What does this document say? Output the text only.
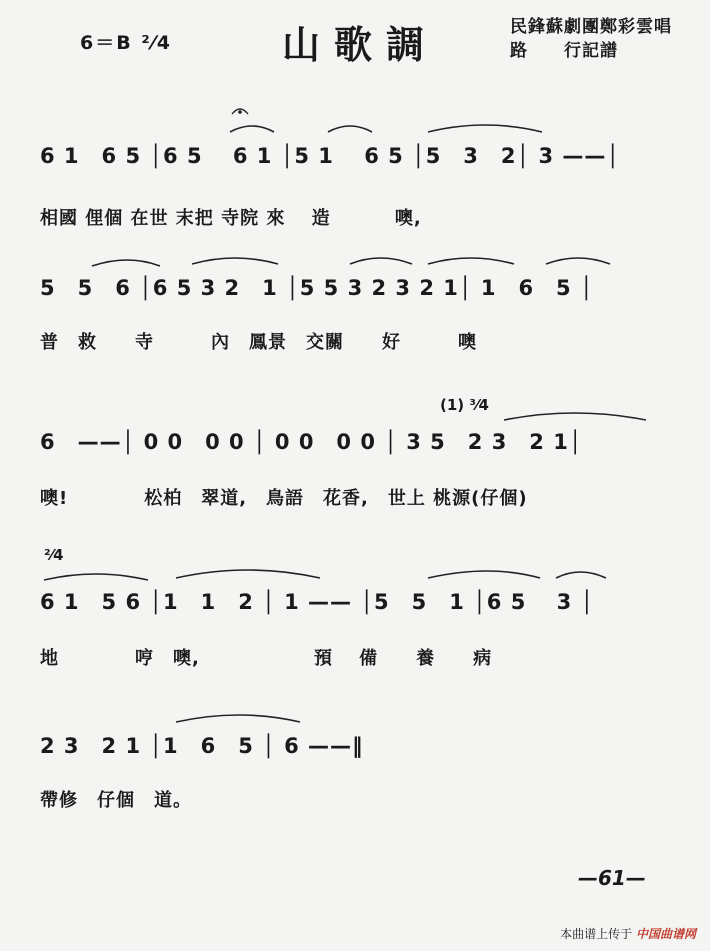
6＝B ²⁄4	山歌調	民鋒蘇劇團鄭彩雲唱
路　　行記譜
6 1　6 5 │6 5 　6 1 │5 1 　6 5 │5　3　2│ 3 ——│
相國 俚個 在世 末把 寺院 來 　造　　　 噢,
5　5　6 │6 5 3 2　1 │5 5 3 2 3 2 1│ 1　6　5 │
普　救　　寺　　　內　鳳景　交關　　好　　　噢
(1) ³⁄4
6　——│ 0 0　0 0 │ 0 0　0 0 │ 3 5　2 3　2 1│
噢!　　　　松柏　翠道,　鳥語　花香,　世上 桃源(仔個)
²⁄4
6 1　5 6 │1　1　2 │ 1 —— │5　5　1 │6 5　 3 │
地　　　　哼　噢,　　　　　　預　 備　　養　　病
2 3　2 1 │1　6　5 │ 6 ——‖
帶修　仔個　道。
—61—
本曲谱上传于 中国曲谱网
